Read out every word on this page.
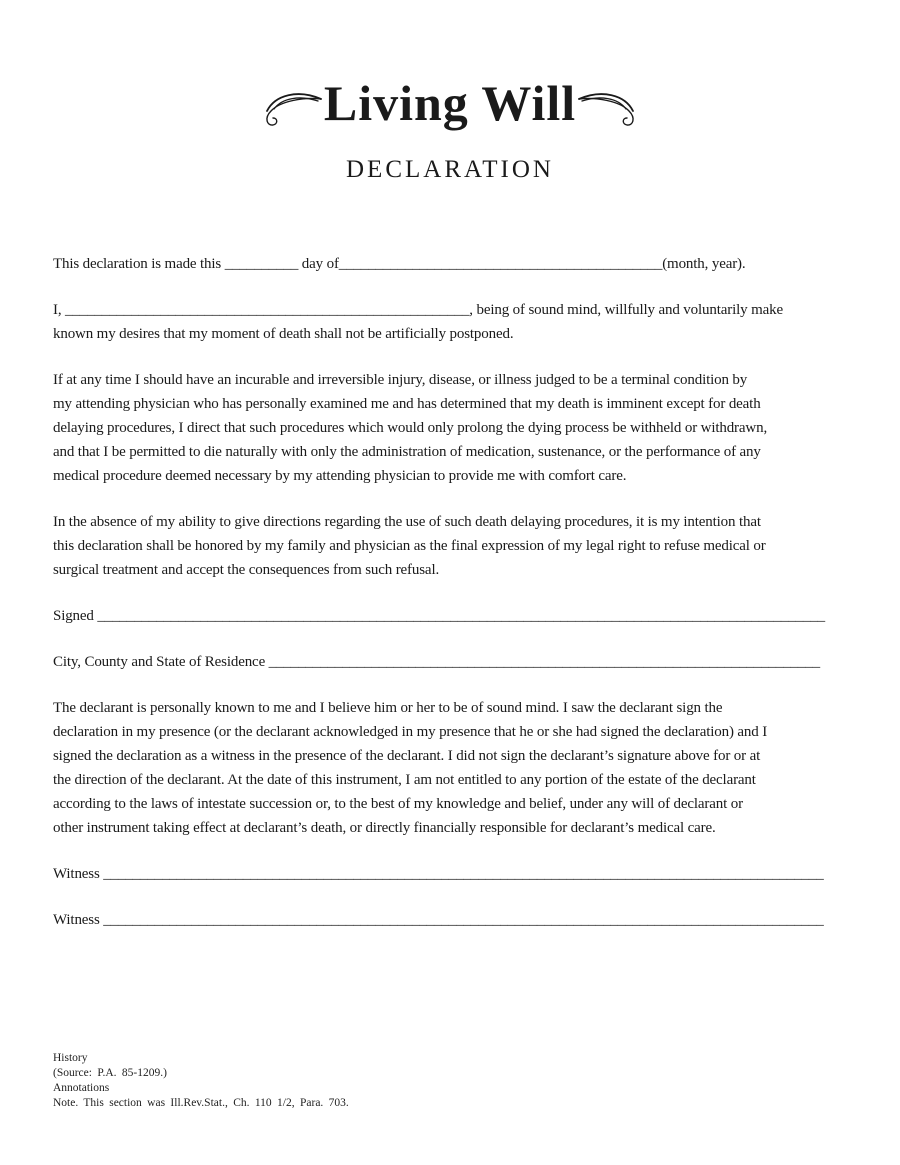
Living Will
DECLARATION
This declaration is made this __________ day of____________________________________________(month, year).
I, _______________________________________________________, being of sound mind, willfully and voluntarily make
known my desires that my moment of death shall not be artificially postponed.
If at any time I should have an incurable and irreversible injury, disease, or illness judged to be a terminal condition by
my attending physician who has personally examined me and has determined that my death is imminent except for death
delaying procedures, I direct that such procedures which would only prolong the dying process be withheld or withdrawn,
and that I be permitted to die naturally with only the administration of medication, sustenance, or the performance of any
medical procedure deemed necessary by my attending physician to provide me with comfort care.
In the absence of my ability to give directions regarding the use of such death delaying procedures, it is my intention that
this declaration shall be honored by my family and physician as the final expression of my legal right to refuse medical or
surgical treatment and accept the consequences from such refusal.
Signed ___________________________________________________________________________________________________
City, County and State of Residence ___________________________________________________________________________
The declarant is personally known to me and I believe him or her to be of sound mind. I saw the declarant sign the
declaration in my presence (or the declarant acknowledged in my presence that he or she had signed the declaration) and I
signed the declaration as a witness in the presence of the declarant. I did not sign the declarant’s signature above for or at
the direction of the declarant. At the date of this instrument, I am not entitled to any portion of the estate of the declarant
according to the laws of intestate succession or, to the best of my knowledge and belief, under any will of declarant or
other instrument taking effect at declarant’s death, or directly financially responsible for declarant’s medical care.
Witness __________________________________________________________________________________________________
Witness __________________________________________________________________________________________________
History
(Source: P.A. 85-1209.)
Annotations
Note. This section was Ill.Rev.Stat., Ch. 110 1/2, Para. 703.
